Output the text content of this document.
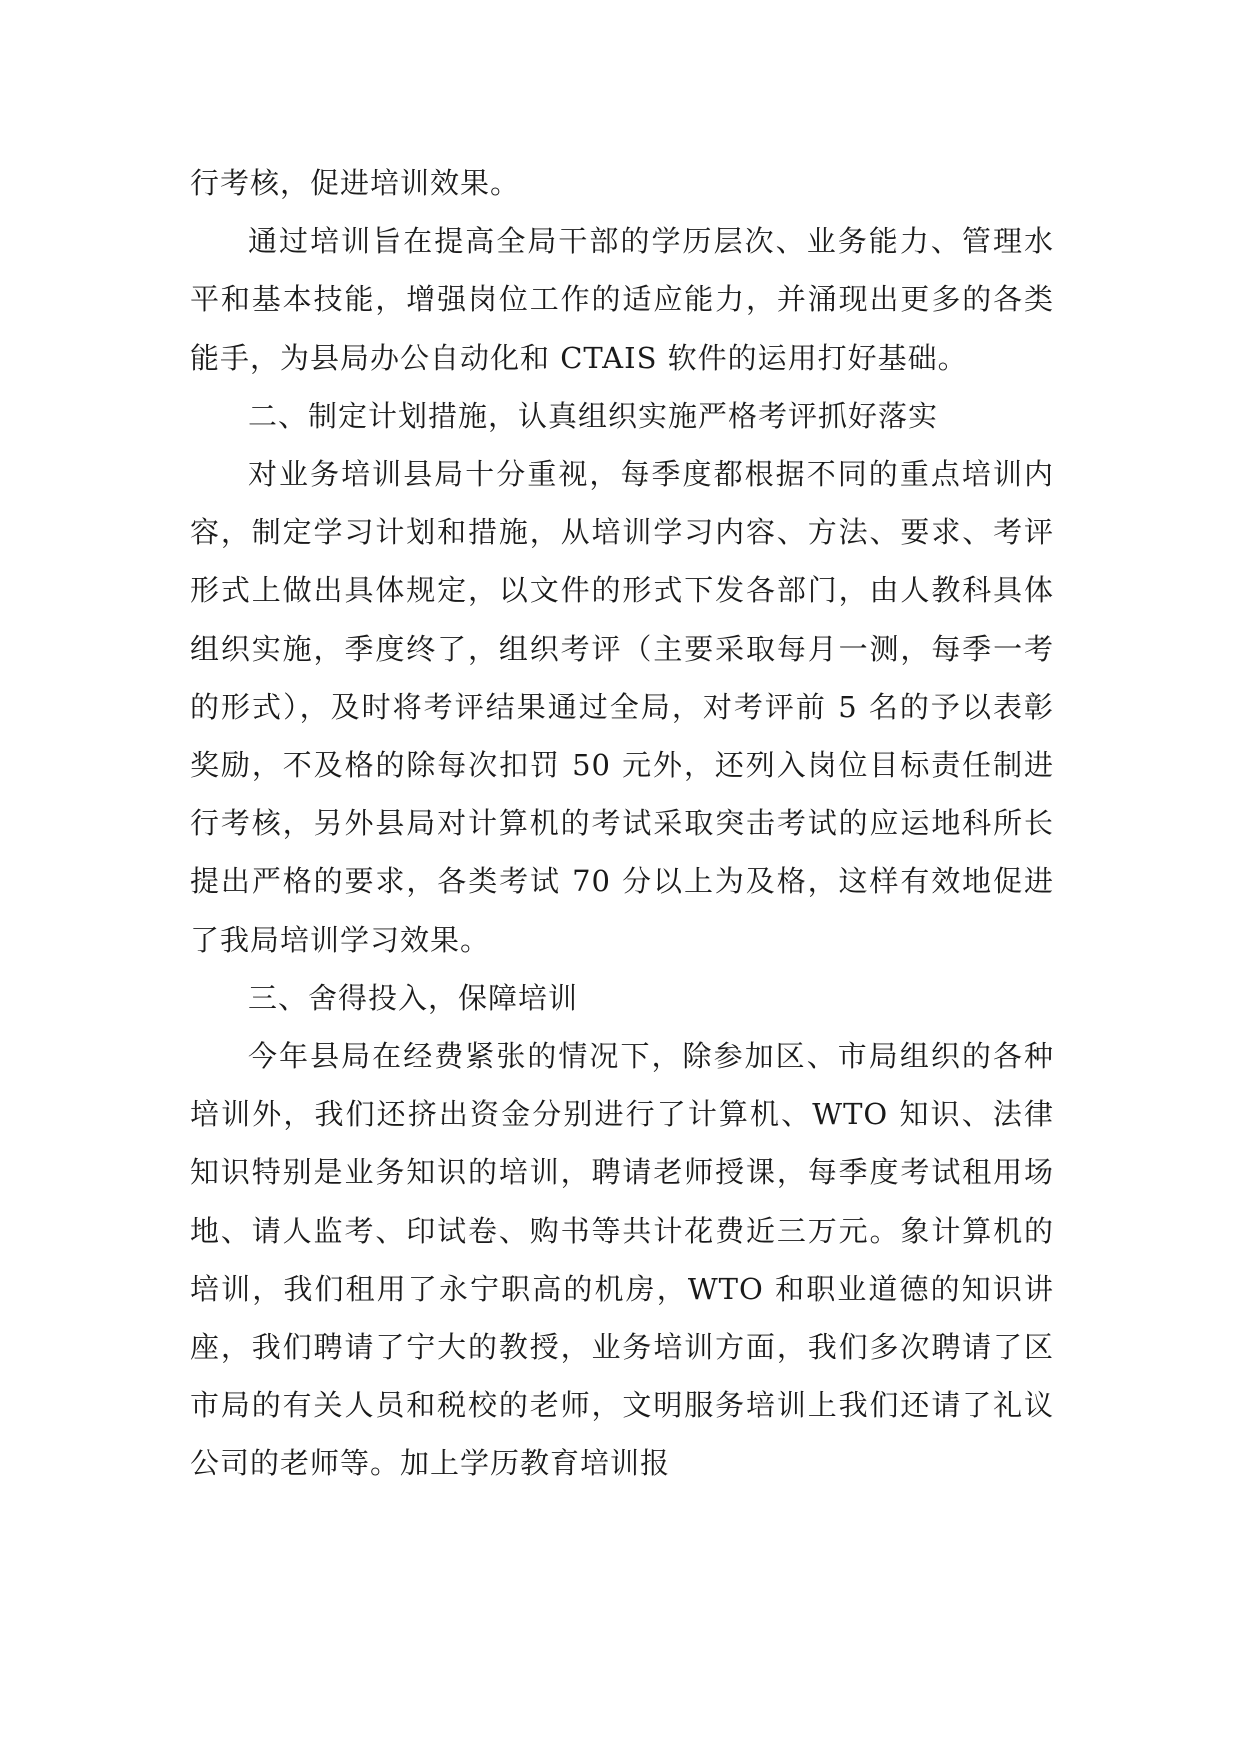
行考核，促进培训效果。

通过培训旨在提高全局干部的学历层次、业务能力、管理水平和基本技能，增强岗位工作的适应能力，并涌现出更多的各类能手，为县局办公自动化和 CTAIS 软件的运用打好基础。

二、制定计划措施，认真组织实施严格考评抓好落实

对业务培训县局十分重视，每季度都根据不同的重点培训内容，制定学习计划和措施，从培训学习内容、方法、要求、考评形式上做出具体规定，以文件的形式下发各部门，由人教科具体组织实施，季度终了，组织考评（主要采取每月一测，每季一考的形式），及时将考评结果通过全局，对考评前 5 名的予以表彰奖励，不及格的除每次扣罚 50 元外，还列入岗位目标责任制进行考核，另外县局对计算机的考试采取突击考试的应运地科所长提出严格的要求，各类考试 70 分以上为及格，这样有效地促进了我局培训学习效果。

三、舍得投入，保障培训

今年县局在经费紧张的情况下，除参加区、市局组织的各种培训外，我们还挤出资金分别进行了计算机、WTO 知识、法律知识特别是业务知识的培训，聘请老师授课，每季度考试租用场地、请人监考、印试卷、购书等共计花费近三万元。象计算机的培训，我们租用了永宁职高的机房，WTO 和职业道德的知识讲座，我们聘请了宁大的教授，业务培训方面，我们多次聘请了区市局的有关人员和税校的老师，文明服务培训上我们还请了礼议公司的老师等。加上学历教育培训报
